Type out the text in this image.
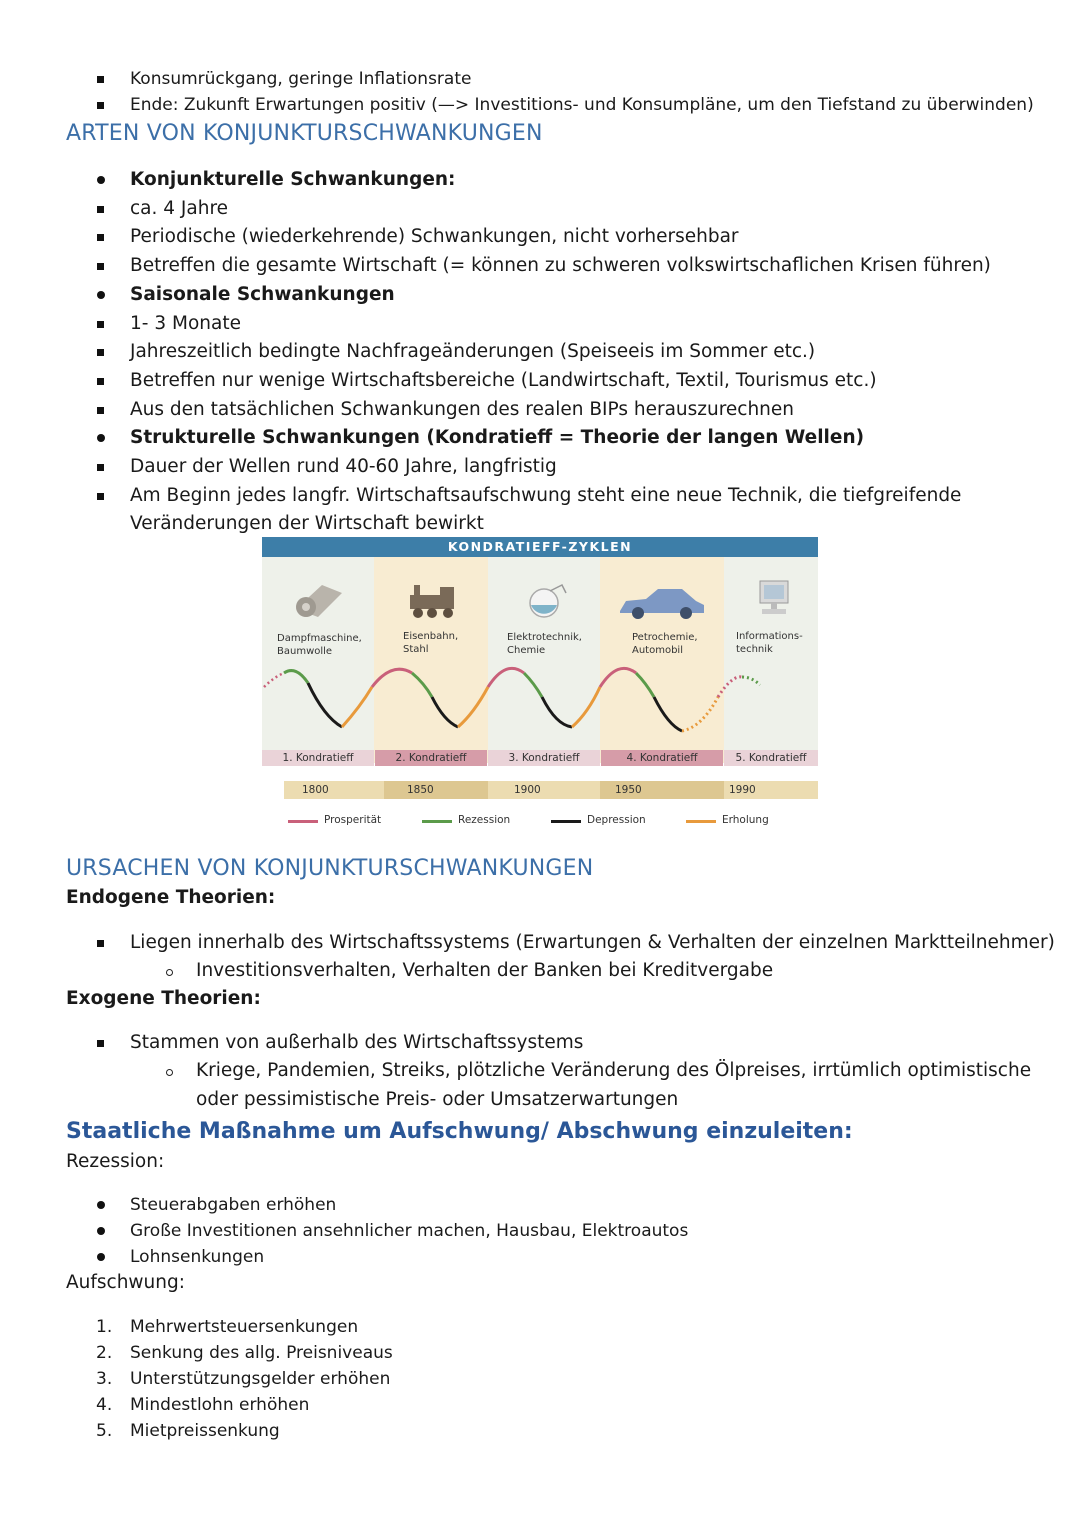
Konsumrückgang, geringe Inflationsrate
Ende: Zukunft Erwartungen positiv (—> Investitions- und Konsumpläne, um den Tiefstand zu überwinden)
ARTEN VON KONJUNKTURSCHWANKUNGEN
Konjunkturelle Schwankungen:
ca. 4 Jahre
Periodische (wiederkehrende) Schwankungen, nicht vorhersehbar
Betreffen die gesamte Wirtschaft (= können zu schweren volkswirtschaflichen Krisen führen)
Saisonale Schwankungen
1- 3 Monate
Jahreszeitlich bedingte Nachfrageänderungen (Speiseeis im Sommer etc.)
Betreffen nur wenige Wirtschaftsbereiche (Landwirtschaft, Textil, Tourismus etc.)
Aus den tatsächlichen Schwankungen des realen BIPs herauszurechnen
Strukturelle Schwankungen (Kondratieff = Theorie der langen Wellen)
Dauer der Wellen rund 40-60 Jahre, langfristig
Am Beginn jedes langfr. Wirtschaftsaufschwung steht eine neue Technik, die tiefgreifende
Veränderungen der Wirtschaft bewirkt
KONDRATIEFF-ZYKLEN
Dampfmaschine,
Baumwolle
Eisenbahn,
Stahl
Elektrotechnik,
Chemie
Petrochemie,
Automobil
Informations-
technik
1. Kondratieff	2. Kondratieff	3. Kondratieff	4. Kondratieff	5. Kondratieff
1800	1850	1900	1950	1990
Prosperität	Rezession	Depression	Erholung
URSACHEN VON KONJUNKTURSCHWANKUNGEN
Endogene Theorien:
Liegen innerhalb des Wirtschaftssystems (Erwartungen & Verhalten der einzelnen Marktteilnehmer)
Investitionsverhalten, Verhalten der Banken bei Kreditvergabe
Exogene Theorien:
Stammen von außerhalb des Wirtschaftssystems
Kriege, Pandemien, Streiks, plötzliche Veränderung des Ölpreises, irrtümlich optimistische
oder pessimistische Preis- oder Umsatzerwartungen
Staatliche Maßnahme um Aufschwung/ Abschwung einzuleiten:
Rezession:
Steuerabgaben erhöhen
Große Investitionen ansehnlicher machen, Hausbau, Elektroautos
Lohnsenkungen
Aufschwung:
1. Mehrwertsteuersenkungen
2. Senkung des allg. Preisniveaus
3. Unterstützungsgelder erhöhen
4. Mindestlohn erhöhen
5. Mietpreissenkung
